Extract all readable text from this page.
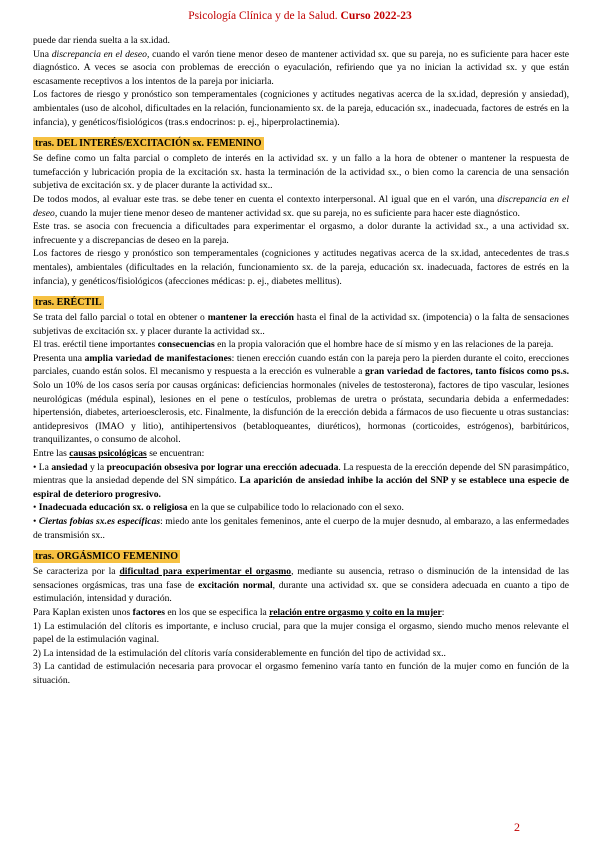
Psicología Clínica y de la Salud. Curso 2022-23

puede dar rienda suelta a la sx.idad.

Una discrepancia en el deseo, cuando el varón tiene menor deseo de mantener actividad sx. que su pareja, no es suficiente para hacer este diagnóstico. A veces se asocia con problemas de erección o eyaculación, refiriendo que ya no inician la actividad sx. y que están escasamente receptivos a los intentos de la pareja por iniciarla.

Los factores de riesgo y pronóstico son temperamentales (cogniciones y actitudes negativas acerca de la sx.idad, depresión y ansiedad), ambientales (uso de alcohol, dificultades en la relación, funcionamiento sx. de la pareja, educación sx., inadecuada, factores de estrés en la infancia), y genéticos/fisiológicos (tras.s endocrinos: p. ej., hiperprolactinemia).

tras. DEL INTERÉS/EXCITACIÓN sx. FEMENINO

Se define como un falta parcial o completo de interés en la actividad sx. y un fallo a la hora de obtener o mantener la respuesta de tumefacción y lubricación propia de la excitación sx. hasta la terminación de la actividad sx., o bien como la carencia de una sensación subjetiva de excitación sx. y de placer durante la actividad sx..

De todos modos, al evaluar este tras. se debe tener en cuenta el contexto interpersonal. Al igual que en el varón, una discrepancia en el deseo, cuando la mujer tiene menor deseo de mantener actividad sx. que su pareja, no es suficiente para hacer este diagnóstico.

Este tras. se asocia con frecuencia a dificultades para experimentar el orgasmo, a dolor durante la actividad sx., a una actividad sx. infrecuente y a discrepancias de deseo en la pareja.

Los factores de riesgo y pronóstico son temperamentales (cogniciones y actitudes negativas acerca de la sx.idad, antecedentes de tras.s mentales), ambientales (dificultades en la relación, funcionamiento sx. de la pareja, educación sx. inadecuada, factores de estrés en la infancia), y genéticos/fisiológicos (afecciones médicas: p. ej., diabetes mellitus).

tras. ERÉCTIL

Se trata del fallo parcial o total en obtener o mantener la erección hasta el final de la actividad sx. (impotencia) o la falta de sensaciones subjetivas de excitación sx. y placer durante la actividad sx..

El tras. eréctil tiene importantes consecuencias en la propia valoración que el hombre hace de sí mismo y en las relaciones de la pareja.

Presenta una amplia variedad de manifestaciones: tienen erección cuando están con la pareja pero la pierden durante el coito, erecciones parciales, cuando están solos. El mecanismo y respuesta a la erección es vulnerable a gran variedad de factores, tanto físicos como ps.s. Solo un 10% de los casos sería por causas orgánicas: deficiencias hormonales (niveles de testosterona), factores de tipo vascular, lesiones neurológicas (médula espinal), lesiones en el pene o testículos, problemas de uretra o próstata, secundaria debida a enfermedades: hipertensión, diabetes, arterioesclerosis, etc. Finalmente, la disfunción de la erección debida a fármacos de uso fiecuente u otras sustancias: antidepresivos (IMAO y litio), antihipertensivos (betabloqueantes, diuréticos), hormonas (corticoides, estrógenos), barbitúricos, tranquilizantes, o consumo de alcohol.

Entre las causas psicológicas se encuentran:

• La ansiedad y la preocupación obsesiva por lograr una erección adecuada. La respuesta de la erección depende del SN parasimpático, mientras que la ansiedad depende del SN simpático. La aparición de ansiedad inhibe la acción del SNP y se establece una especie de espiral de deterioro progresivo.

• Inadecuada educación sx. o religiosa en la que se culpabilice todo lo relacionado con el sexo.

• Ciertas fobias sx.es específicas: miedo ante los genitales femeninos, ante el cuerpo de la mujer desnudo, al embarazo, a las enfermedades de transmisión sx..

tras. ORGÁSMICO FEMENINO

Se caracteriza por la dificultad para experimentar el orgasmo, mediante su ausencia, retraso o disminución de la intensidad de las sensaciones orgásmicas, tras una fase de excitación normal, durante una actividad sx. que se considera adecuada en cuanto a tipo de estimulación, intensidad y duración.

Para Kaplan existen unos factores en los que se especifica la relación entre orgasmo y coito en la mujer:

1) La estimulación del clítoris es importante, e incluso crucial, para que la mujer consiga el orgasmo, siendo mucho menos relevante el papel de la estimulación vaginal.

2) La intensidad de la estimulación del clítoris varía considerablemente en función del tipo de actividad sx..

3) La cantidad de estimulación necesaria para provocar el orgasmo femenino varía tanto en función de la mujer como en función de la situación.

2
